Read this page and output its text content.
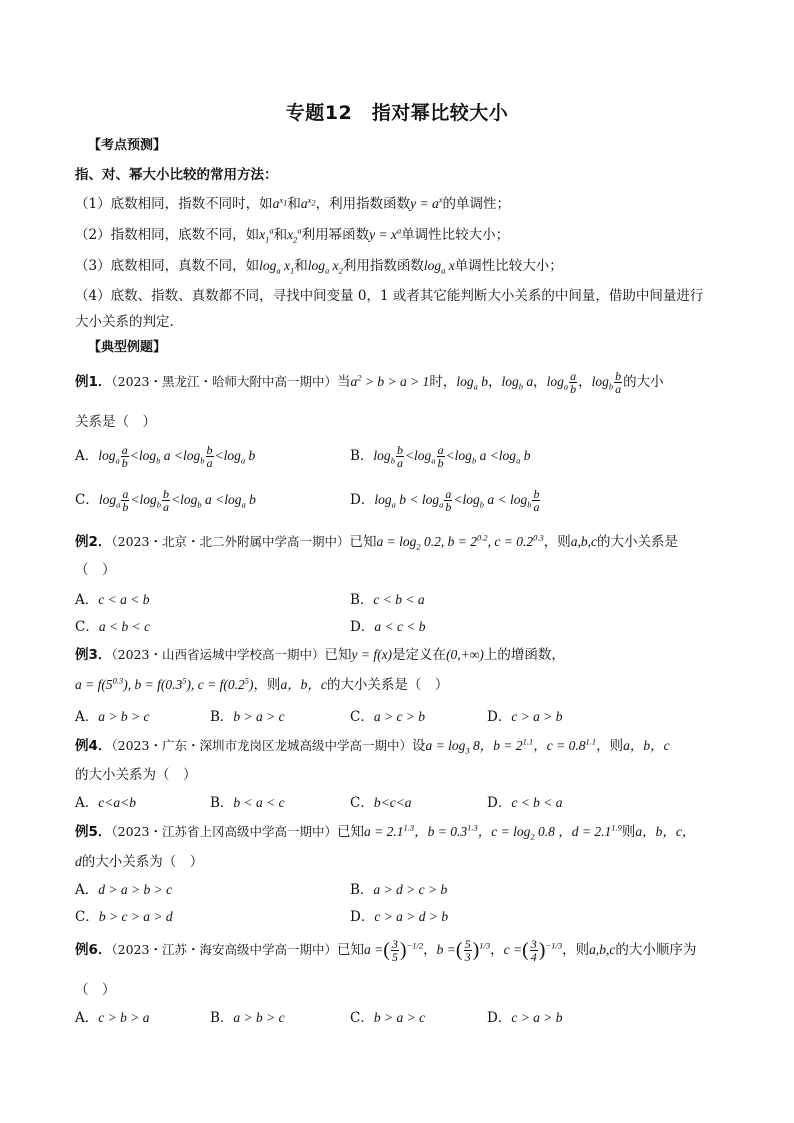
专题12　指对幂比较大小
【考点预测】
指、对、幂大小比较的常用方法：
（1）底数相同，指数不同时，如$a^{x_1}$和$a^{x_2}$，利用指数函数$y = a^x$的单调性；
（2）指数相同，底数不同，如$x_1^a$和$x_2^a$利用幂函数$y = x^a$单调性比较大小；
（3）底数相同，真数不同，如$\log_a x_1$和$\log_a x_2$利用指数函数$\log_a x$单调性比较大小；
（4）底数、指数、真数都不同，寻找中间变量 0，1 或者其它能判断大小关系的中间量，借助中间量进行
大小关系的判定.
【典型例题】
例1．（2023・黑龙江・哈师大附中高一期中）当$a^2 > b > a > 1$时，$\log_a b$，$\log_b a$，$\log_a \frac{a}{b}$ ，$\log_b \frac{b}{a}$ 的大小
关系是（　）
A．$\log_a \frac{a}{b} <\log_b$ $a <\log_b \frac{b}{a} <\log_a$ b	B．$\log_b \frac{b}{a} <\log_a \frac{a}{b} <\log_b$ $a <\log_a$ b
C．$\log_a \frac{a}{b} <\log_b \frac{b}{a} <\log_b$ $a <\log_a$ b	D．$\log_a b < \log_a \frac{a}{b} <\log_b$ $a < \log_b \frac{b}{a}$
例2．（2023・北京・北二外附属中学高一期中）已知$a = \log_2 0.2$, $b = 2^{0.2}$, $c = 0.2^{0.3}$，则a,b,c的大小关系是
（　）
A．c < a < b	B．c < b < a
C．a < b < c	D．a < c < b
例3．（2023・山西省运城中学校高一期中）已知y = f(x)是定义在(0,+∞)上的增函数，
$a = f(5^{0.3})$, $b = f(0.3^5)$, $c = f(0.2^5)$，则a，b，c的大小关系是（　）
A．a > b > c	B．b > a > c	C．a > c > b	D．c > a > b
例4．（2023・广东・深圳市龙岗区龙城高级中学高一期中）设$a = \log_3 8$，$b = 2^{1.1}$，$c = 0.8^{1.1}$，则a，b，c
的大小关系为（　）
A．c<a<b	B．b < a < c	C．b<c<a	D．c < b < a
例5．（2023・江苏省上冈高级中学高一期中）已知$a = 2.1^{1.3}$，$b = 0.3^{1.3}$，$c = \log_2 0.8$ ，$d = 2.1^{1.9}$则a，b，c，
d的大小关系为（　）
A．d > a > b > c	B．a > d > c > b
C．b > c > a > d	D．c > a > d > b
例6．（2023・江苏・海安高级中学高一期中）已知a =( $\frac{3}{5} )^{-1/2}$，b =( $\frac{5}{3} )^{1/3}$，c =( $\frac{3}{4} )^{-1/3}$，则a,b,c的大小顺序为
（　）
A．c > b > a	B．a > b > c	C．b > a > c	D．c > a > b
